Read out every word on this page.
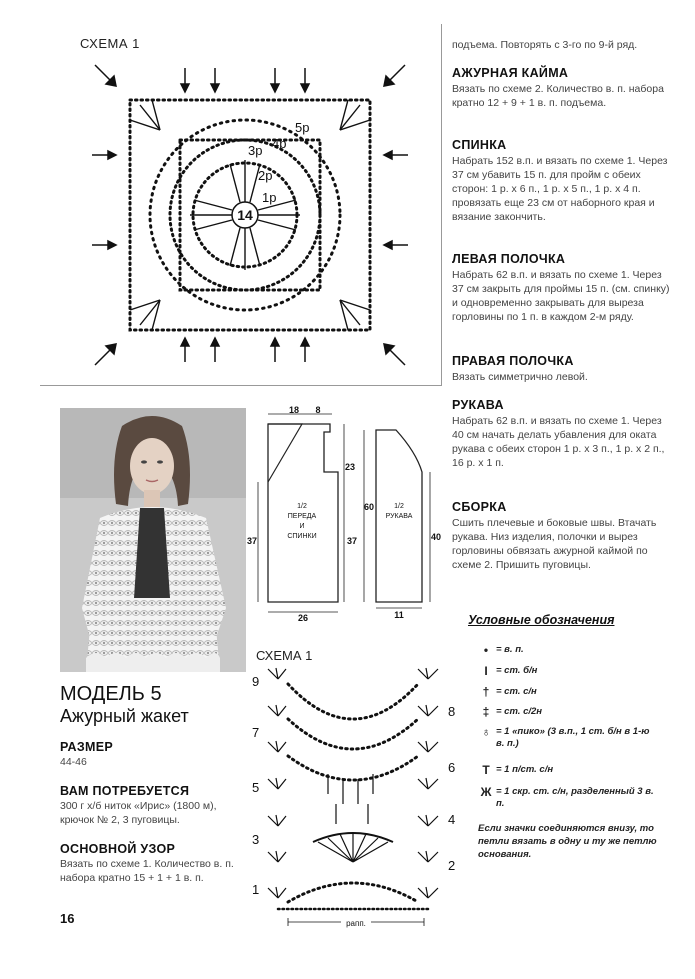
СХЕМА 1
14
5р
3р 4р
2р
1р

подъема. Повторять с 3-го по 9-й ряд.

АЖУРНАЯ КАЙМА

Вязать по схеме 2. Количество в. п. набора кратно 12 + 9 + 1 в. п. подъема.

СПИНКА

Набрать 152 в.п. и вязать по схеме 1. Через 37 см убавить 15 п. для пройм с обеих сторон: 1 р. х 6 п., 1 р. х 5 п., 1 р. х 4 п. провязать еще 23 см от наборного края и вязание закончить.

ЛЕВАЯ ПОЛОЧКА

Набрать 62 в.п. и вязать по схеме 1. Через 37 см закрыть для проймы 15 п. (см. спинку) и одновременно закрывать для выреза горловины по 1 п. в каждом 2-м ряду.

ПРАВАЯ ПОЛОЧКА

Вязать симметрично левой.

РУКАВА

Набрать 62 в.п. и вязать по схеме 1. Через 40 см начать делать убавления для оката рукава с обеих сторон 1 р. х 3 п., 1 р. х 2 п., 16 р. х 1 п.

СБОРКА

Сшить плечевые и боковые швы. Втачать рукава. Низ изделия, полочки и вырез горловины обвязать ажурной каймой по схеме 2. Пришить пуговицы.

18 8
37
23
37
26
60
40
11
1/2
ПЕРЕДА
И
СПИНКИ
1/2
РУКАВА
МОДЕЛЬ 5
Ажурный жакет
РАЗМЕР

44-46

ВАМ ПОТРЕБУЕТСЯ

300 г х/б ниток «Ирис» (1800 м), крючок № 2, 3 пуговицы.

ОСНОВНОЙ УЗОР

Вязать по схеме 1. Количество в. п. набора кратно 15 + 1 + 1 в. п.

16
СХЕМА 1
9
7
5
3
1
8
6
4
2
рапп.
Условные обозначения
• = в. п.
I = ст. б/н
† = ст. с/н
‡ = ст. с/2н
♁ = 1 «пико» (3 в.п., 1 ст. б/н в 1-ю в. п.)
T = 1 п/ст. с/н
Ж = 1 скр. ст. с/н, разделенный 3 в. п.
Если значки соединяются внизу, то петли вязать в одну и ту же петлю основания.
